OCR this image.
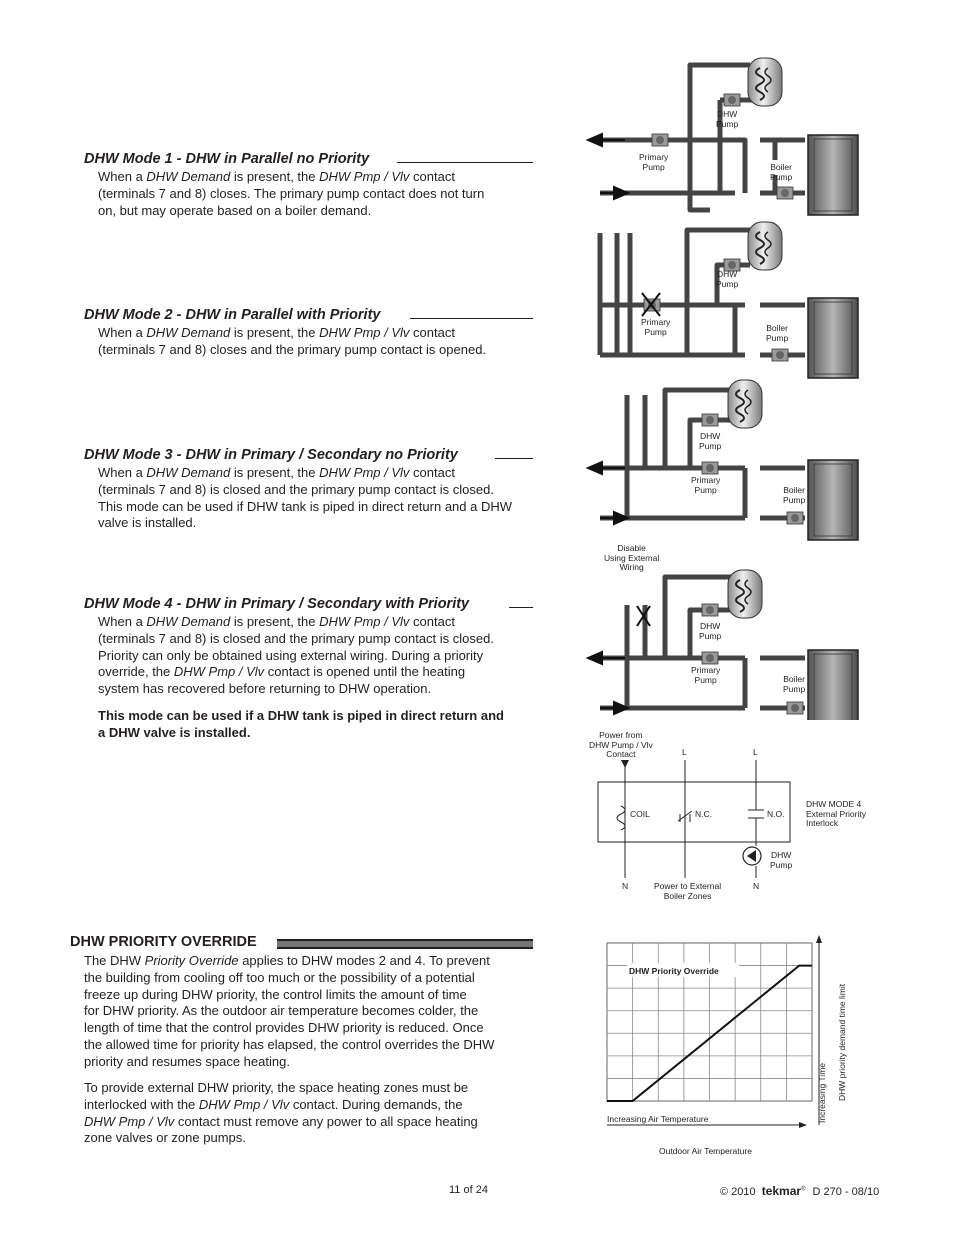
DHW Mode 1 - DHW in Parallel no Priority
When a DHW Demand is present, the DHW Pmp / Vlv contact
(terminals 7 and 8) closes. The primary pump contact does not turn
on, but may operate based on a boiler demand.
DHW Mode 2 - DHW in Parallel with Priority
When a DHW Demand is present, the DHW Pmp / Vlv contact
(terminals 7 and 8) closes and the primary pump contact is opened.
DHW Mode 3 - DHW in Primary / Secondary no Priority
When a DHW Demand is present, the DHW Pmp / Vlv contact
(terminals 7 and 8) is closed and the primary pump contact is closed.
This mode can be used if DHW tank is piped in direct return and a DHW
valve is installed.
DHW Mode 4 - DHW in Primary / Secondary with Priority
When a DHW Demand is present, the DHW Pmp / Vlv contact
(terminals 7 and 8) is closed and the primary pump contact is closed.
Priority can only be obtained using external wiring. During a priority
override, the DHW Pmp / Vlv contact is opened until the heating
system has recovered before returning to DHW operation.
This mode can be used if a DHW tank is piped in direct return and
a DHW valve is installed.
DHW PRIORITY OVERRIDE
The DHW Priority Override applies to DHW modes 2 and 4. To prevent
the building from cooling off too much or the possibility of a potential
freeze up during DHW priority, the control limits the amount of time
for DHW priority. As the outdoor air temperature becomes colder, the
length of time that the control provides DHW priority is reduced. Once
the allowed time for priority has elapsed, the control overrides the DHW
priority and resumes space heating.
To provide external DHW priority, the space heating zones must be
interlocked with the DHW Pmp / Vlv contact. During demands, the
DHW Pmp / Vlv contact must remove any power to all space heating
zone valves or zone pumps.
DHW
Pump
Primary
Pump	Boiler
Pump
DHW
Pump
Primary
Pump	Boiler
Pump
DHW
Pump
Primary
Pump	Boiler
Pump
Disable
Using External
Wiring
DHW
Pump
Primary
Pump	Boiler
Pump
Power from
DHW Pump / Vlv
Contact	L	L
COIL	N.C.	N.O.
DHW
Pump
N	N
Power to External
Boiler Zones
DHW MODE 4
External Priority
Interlock
DHW Priority Override
Increasing Air Temperature
Outdoor Air Temperature
Increasing Time DHW priority demand time limit
11 of 24	© 2010 tekmar® D 270 - 08/10
